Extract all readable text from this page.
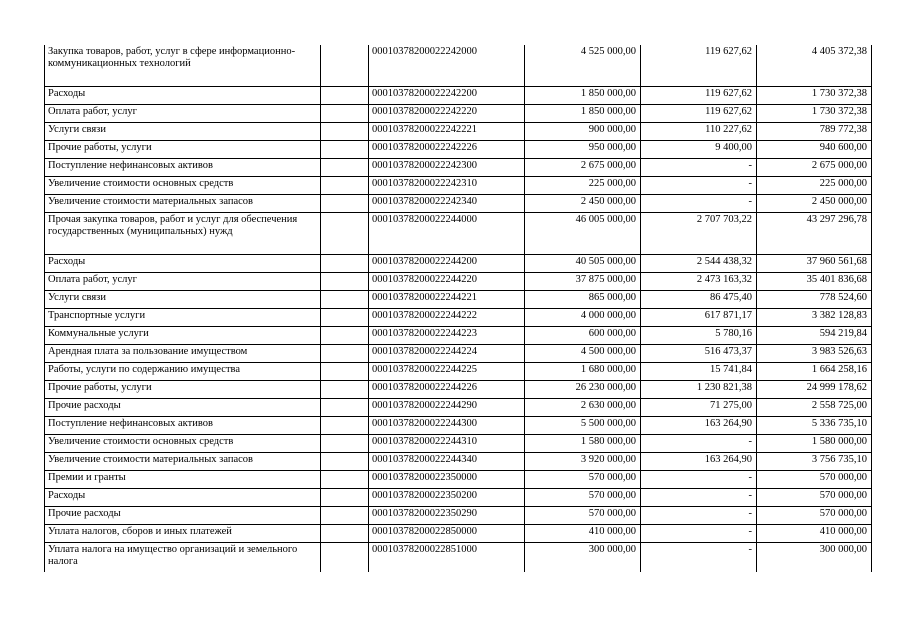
Закупка товаров, работ, услуг в сфере информационно-коммуникационных технологий		00010378200022242000	4 525 000,00	119 627,62	4 405 372,38
Расходы		00010378200022242200	1 850 000,00	119 627,62	1 730 372,38
Оплата работ, услуг		00010378200022242220	1 850 000,00	119 627,62	1 730 372,38
Услуги связи		00010378200022242221	900 000,00	110 227,62	789 772,38
Прочие работы, услуги		00010378200022242226	950 000,00	9 400,00	940 600,00
Поступление нефинансовых активов		00010378200022242300	2 675 000,00	-	2 675 000,00
Увеличение стоимости основных средств		00010378200022242310	225 000,00	-	225 000,00
Увеличение стоимости материальных запасов		00010378200022242340	2 450 000,00	-	2 450 000,00
Прочая закупка товаров, работ и услуг для обеспечения государственных (муниципальных) нужд		00010378200022244000	46 005 000,00	2 707 703,22	43 297 296,78
Расходы		00010378200022244200	40 505 000,00	2 544 438,32	37 960 561,68
Оплата работ, услуг		00010378200022244220	37 875 000,00	2 473 163,32	35 401 836,68
Услуги связи		00010378200022244221	865 000,00	86 475,40	778 524,60
Транспортные услуги		00010378200022244222	4 000 000,00	617 871,17	3 382 128,83
Коммунальные услуги		00010378200022244223	600 000,00	5 780,16	594 219,84
Арендная плата за пользование имуществом		00010378200022244224	4 500 000,00	516 473,37	3 983 526,63
Работы, услуги по содержанию имущества		00010378200022244225	1 680 000,00	15 741,84	1 664 258,16
Прочие работы, услуги		00010378200022244226	26 230 000,00	1 230 821,38	24 999 178,62
Прочие расходы		00010378200022244290	2 630 000,00	71 275,00	2 558 725,00
Поступление нефинансовых активов		00010378200022244300	5 500 000,00	163 264,90	5 336 735,10
Увеличение стоимости основных средств		00010378200022244310	1 580 000,00	-	1 580 000,00
Увеличение стоимости материальных запасов		00010378200022244340	3 920 000,00	163 264,90	3 756 735,10
Премии и гранты		00010378200022350000	570 000,00	-	570 000,00
Расходы		00010378200022350200	570 000,00	-	570 000,00
Прочие расходы		00010378200022350290	570 000,00	-	570 000,00
Уплата налогов, сборов и иных платежей		00010378200022850000	410 000,00	-	410 000,00
Уплата налога на имущество организаций и земельного налога		00010378200022851000	300 000,00	-	300 000,00
